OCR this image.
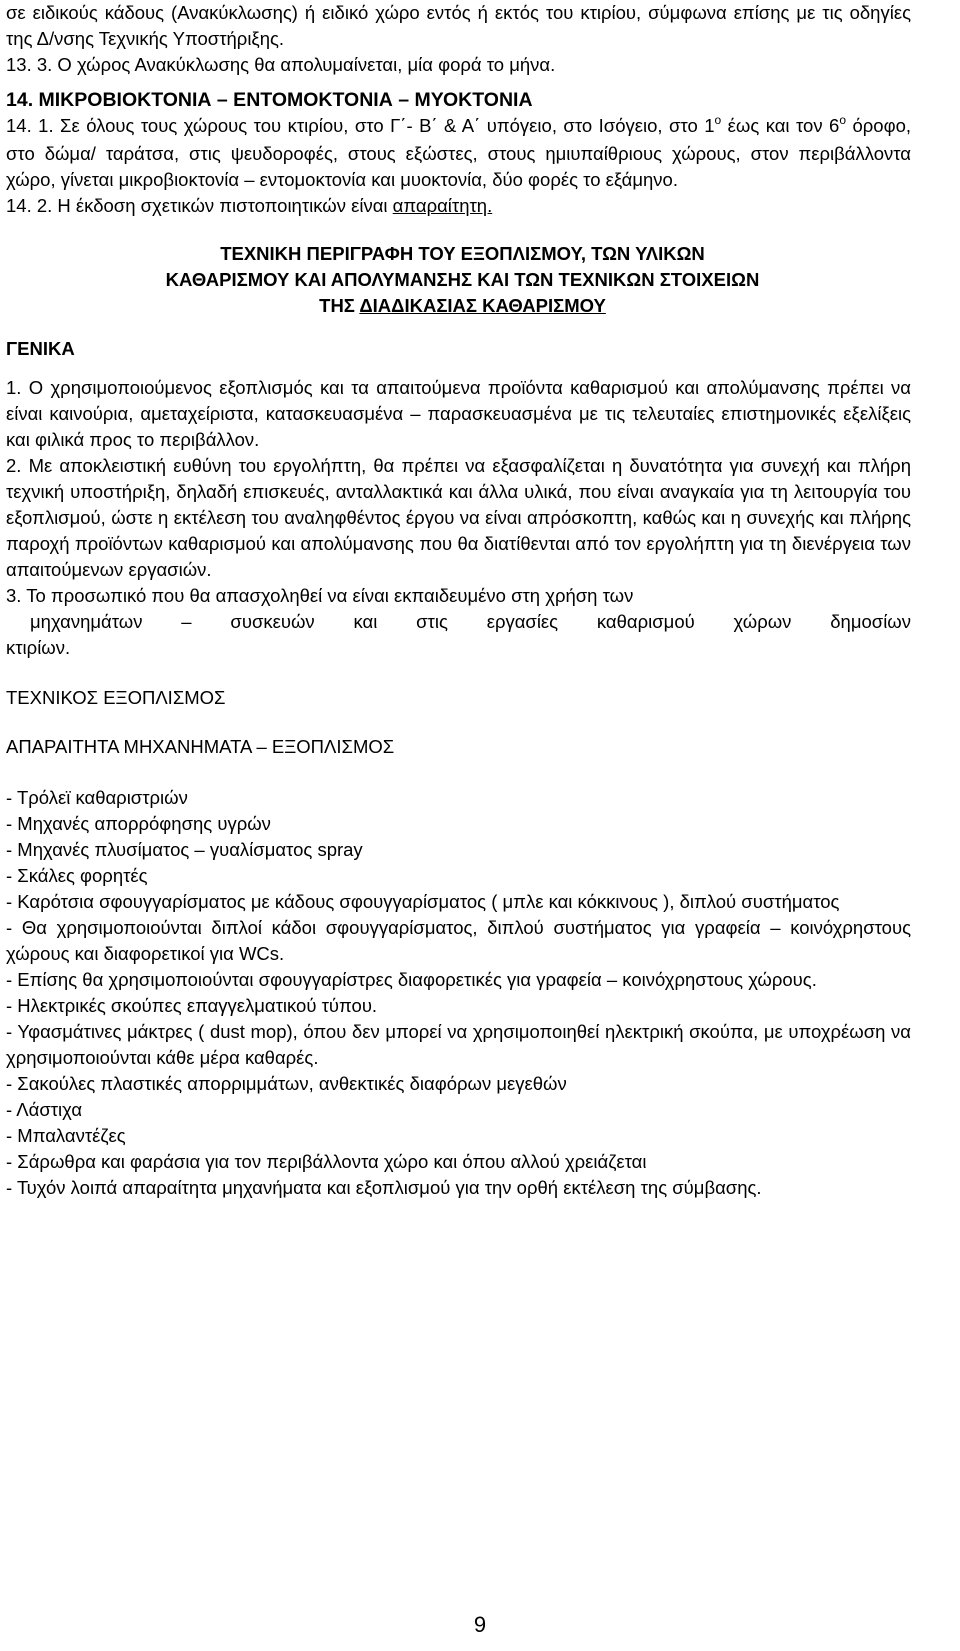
σε ειδικούς κάδους (Ανακύκλωσης) ή ειδικό χώρο εντός ή εκτός του κτιρίου, σύμφωνα επίσης με τις οδηγίες της Δ/νσης Τεχνικής Υποστήριξης.

13. 3. Ο χώρος Ανακύκλωσης θα απολυμαίνεται, μία φορά το μήνα.

14. ΜΙΚΡΟΒΙΟΚΤΟΝΙΑ – ΕΝΤΟΜΟΚΤΟΝΙΑ – ΜΥΟΚΤΟΝΙΑ

14. 1. Σε όλους τους χώρους του κτιρίου, στο Γ΄- Β΄ & Α΄ υπόγειο, στο Ισόγειο, στο $1^o$ έως και τον $6^o$ όροφο, στο δώμα/ ταράτσα, στις ψευδοροφές, στους εξώστες, στους ημιυπαίθριους χώρους, στον περιβάλλοντα χώρο, γίνεται μικροβιοκτονία – εντομοκτονία και μυοκτονία, δύο φορές το εξάμηνο.

14. 2. Η έκδοση σχετικών πιστοποιητικών είναι απαραίτητη.

ΤΕΧΝΙΚΗ ΠΕΡΙΓΡΑΦΗ ΤΟΥ ΕΞΟΠΛΙΣΜΟΥ, ΤΩΝ ΥΛΙΚΩΝ

ΚΑΘΑΡΙΣΜΟΥ ΚΑΙ ΑΠΟΛΥΜΑΝΣΗΣ ΚΑΙ ΤΩΝ ΤΕΧΝΙΚΩΝ ΣΤΟΙΧΕΙΩΝ

ΤΗΣ ΔΙΑΔΙΚΑΣΙΑΣ ΚΑΘΑΡΙΣΜΟΥ

ΓΕΝΙΚΑ

1. Ο χρησιμοποιούμενος εξοπλισμός και τα απαιτούμενα προϊόντα καθαρισμού και απολύμανσης πρέπει να είναι καινούρια, αμεταχείριστα, κατασκευασμένα – παρασκευασμένα με τις τελευταίες επιστημονικές εξελίξεις και φιλικά προς το περιβάλλον.

2. Με αποκλειστική ευθύνη του εργολήπτη, θα πρέπει να εξασφαλίζεται η δυνατότητα για συνεχή και πλήρη τεχνική υποστήριξη, δηλαδή επισκευές, ανταλλακτικά και άλλα υλικά, που είναι αναγκαία για τη λειτουργία του εξοπλισμού, ώστε η εκτέλεση του αναληφθέντος έργου να είναι απρόσκοπτη, καθώς και η συνεχής και πλήρης παροχή προϊόντων καθαρισμού και απολύμανσης που θα διατίθενται από τον εργολήπτη για τη διενέργεια των απαιτούμενων εργασιών.

3. Το προσωπικό που θα απασχοληθεί να είναι εκπαιδευμένο στη χρήση των

μηχανημάτων – συσκευών και στις εργασίες καθαρισμού χώρων δημοσίων

κτιρίων.

ΤΕΧΝΙΚΟΣ ΕΞΟΠΛΙΣΜΟΣ

ΑΠΑΡΑΙΤΗΤΑ ΜΗΧΑΝΗΜΑΤΑ – ΕΞΟΠΛΙΣΜΟΣ

- Τρόλεϊ καθαριστριών

- Μηχανές απορρόφησης υγρών

- Μηχανές πλυσίματος – γυαλίσματος spray

- Σκάλες φορητές

- Καρότσια σφουγγαρίσματος με κάδους σφουγγαρίσματος ( μπλε και κόκκινους ), διπλού συστήματος

- Θα χρησιμοποιούνται διπλοί κάδοι σφουγγαρίσματος, διπλού συστήματος για γραφεία – κοινόχρηστους χώρους και διαφορετικοί για WCs.

- Επίσης θα χρησιμοποιούνται σφουγγαρίστρες διαφορετικές για γραφεία – κοινόχρηστους χώρους.

- Ηλεκτρικές σκούπες επαγγελματικού τύπου.

- Υφασμάτινες μάκτρες ( dust mop), όπου δεν μπορεί να χρησιμοποιηθεί ηλεκτρική σκούπα, με υποχρέωση να χρησιμοποιούνται κάθε μέρα καθαρές.

- Σακούλες πλαστικές απορριμμάτων, ανθεκτικές διαφόρων μεγεθών

- Λάστιχα

- Μπαλαντέζες

- Σάρωθρα και φαράσια για τον περιβάλλοντα χώρο και όπου αλλού χρειάζεται

- Τυχόν λοιπά απαραίτητα μηχανήματα και εξοπλισμού για την ορθή εκτέλεση της σύμβασης.

9
